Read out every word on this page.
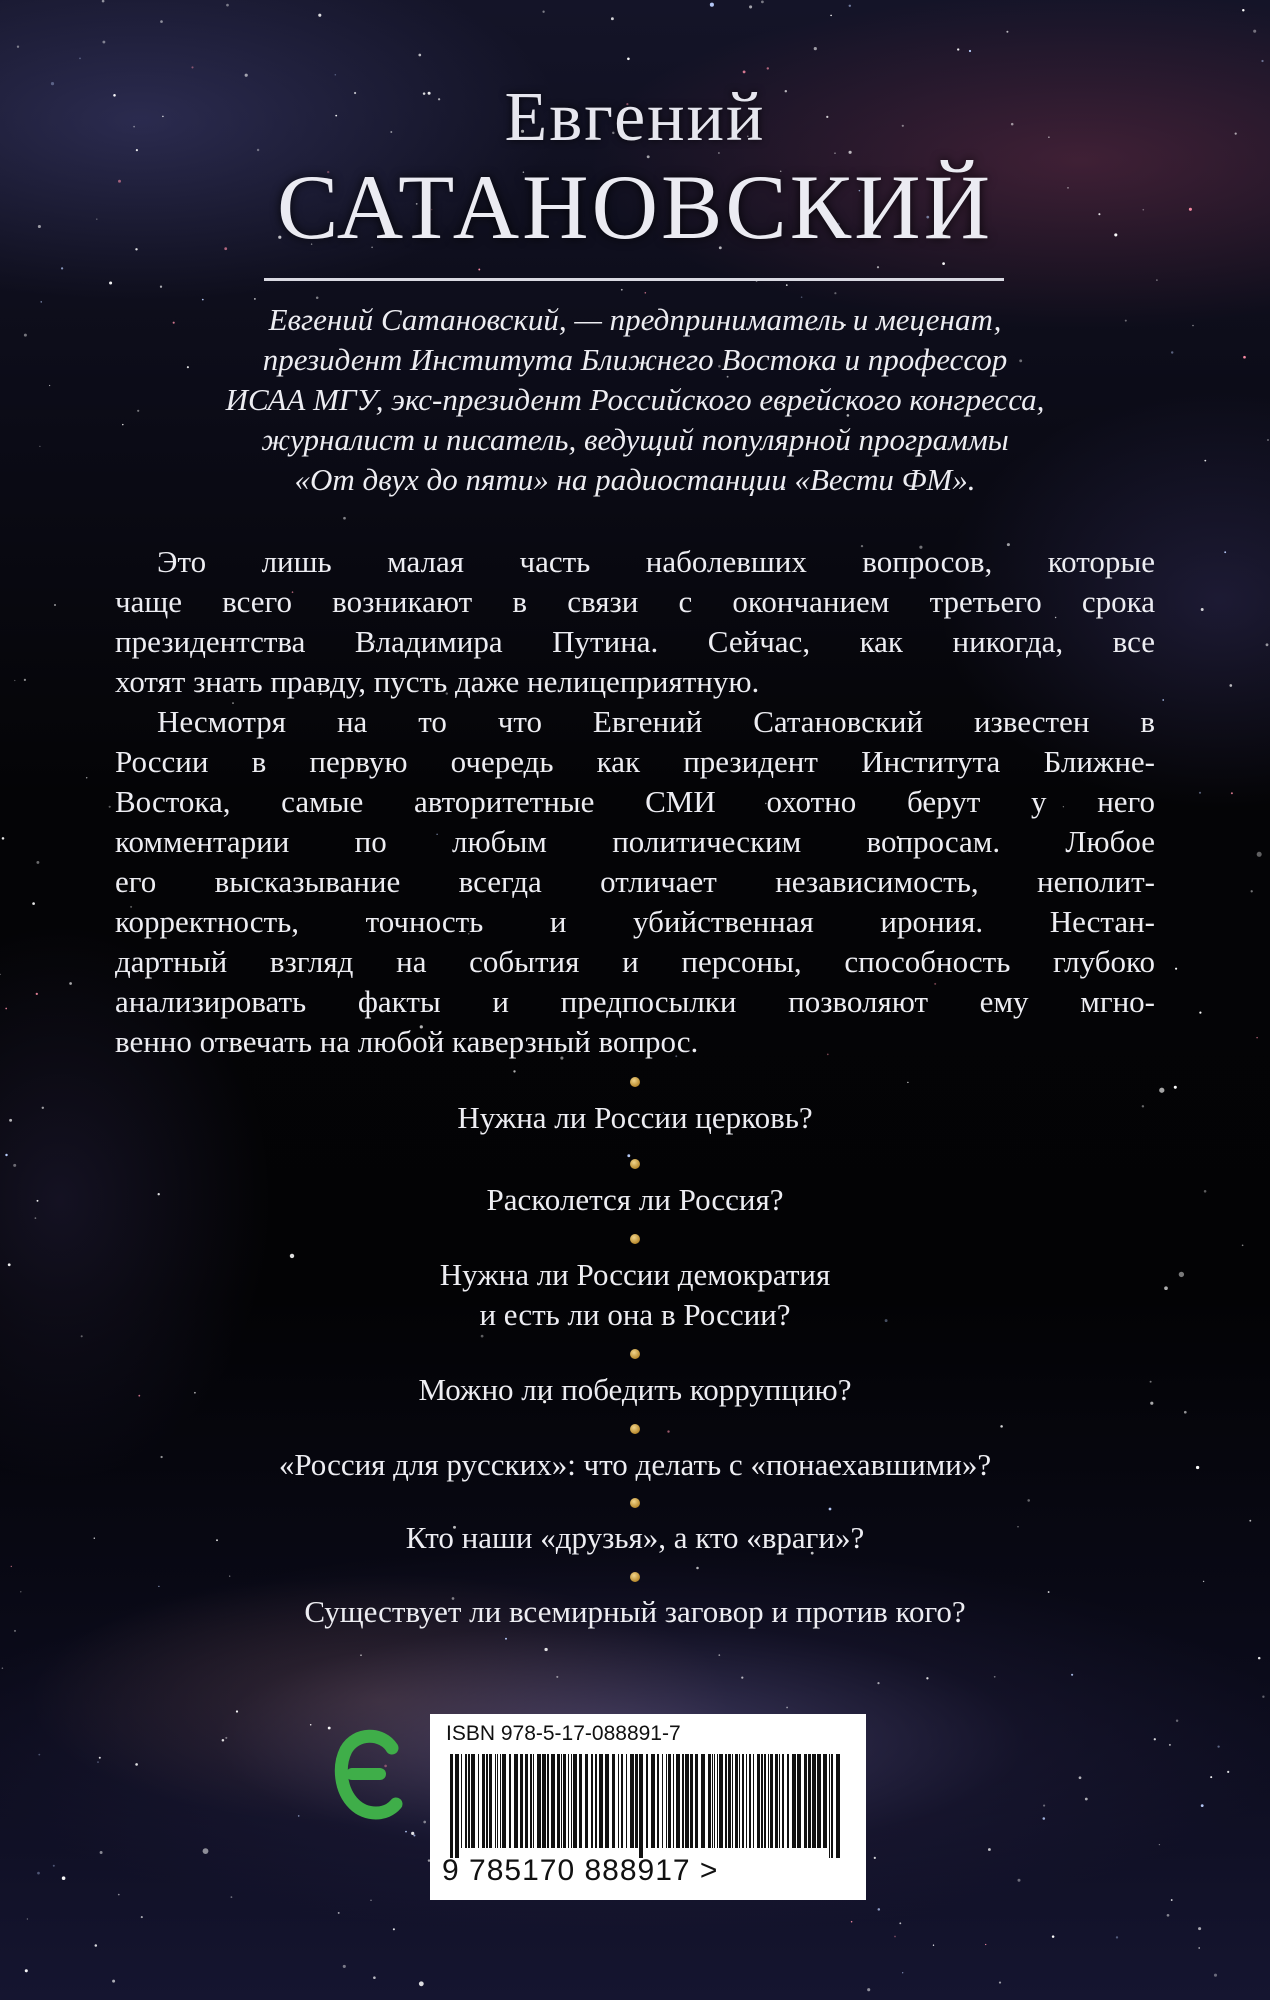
Евгений
САТАНОВСКИЙ
Евгений Сатановский, — предприниматель и меценат,
президент Института Ближнего Востока и профессор
ИСАА МГУ, экс-президент Российского еврейского конгресса,
журналист и писатель, ведущий популярной программы
«От двух до пяти» на радиостанции «Вести ФМ».
Это лишь малая часть наболевших вопросов, которые
чаще всего возникают в связи с окончанием третьего срока
президентства Владимира Путина. Сейчас, как никогда, все
хотят знать правду, пусть даже нелицеприятную.
Несмотря на то что Евгений Сатановский известен в
России в первую очередь как президент Института Ближне-
Востока, самые авторитетные СМИ охотно берут у него
комментарии по любым политическим вопросам. Любое
его высказывание всегда отличает независимость, неполит-
корректность, точность и убийственная ирония. Нестан-
дартный взгляд на события и персоны, способность глубоко
анализировать факты и предпосылки позволяют ему мгно-
венно отвечать на любой каверзный вопрос.
Нужна ли России церковь?
Расколется ли Россия?
Нужна ли России демократия
и есть ли она в России?
Можно ли победить коррупцию?
«Россия для русских»: что делать с «понаехавшими»?
Кто наши «друзья», а кто «враги»?
Существует ли всемирный заговор и против кого?
ISBN 978-5-17-088891-7
9 785170 888917 >
